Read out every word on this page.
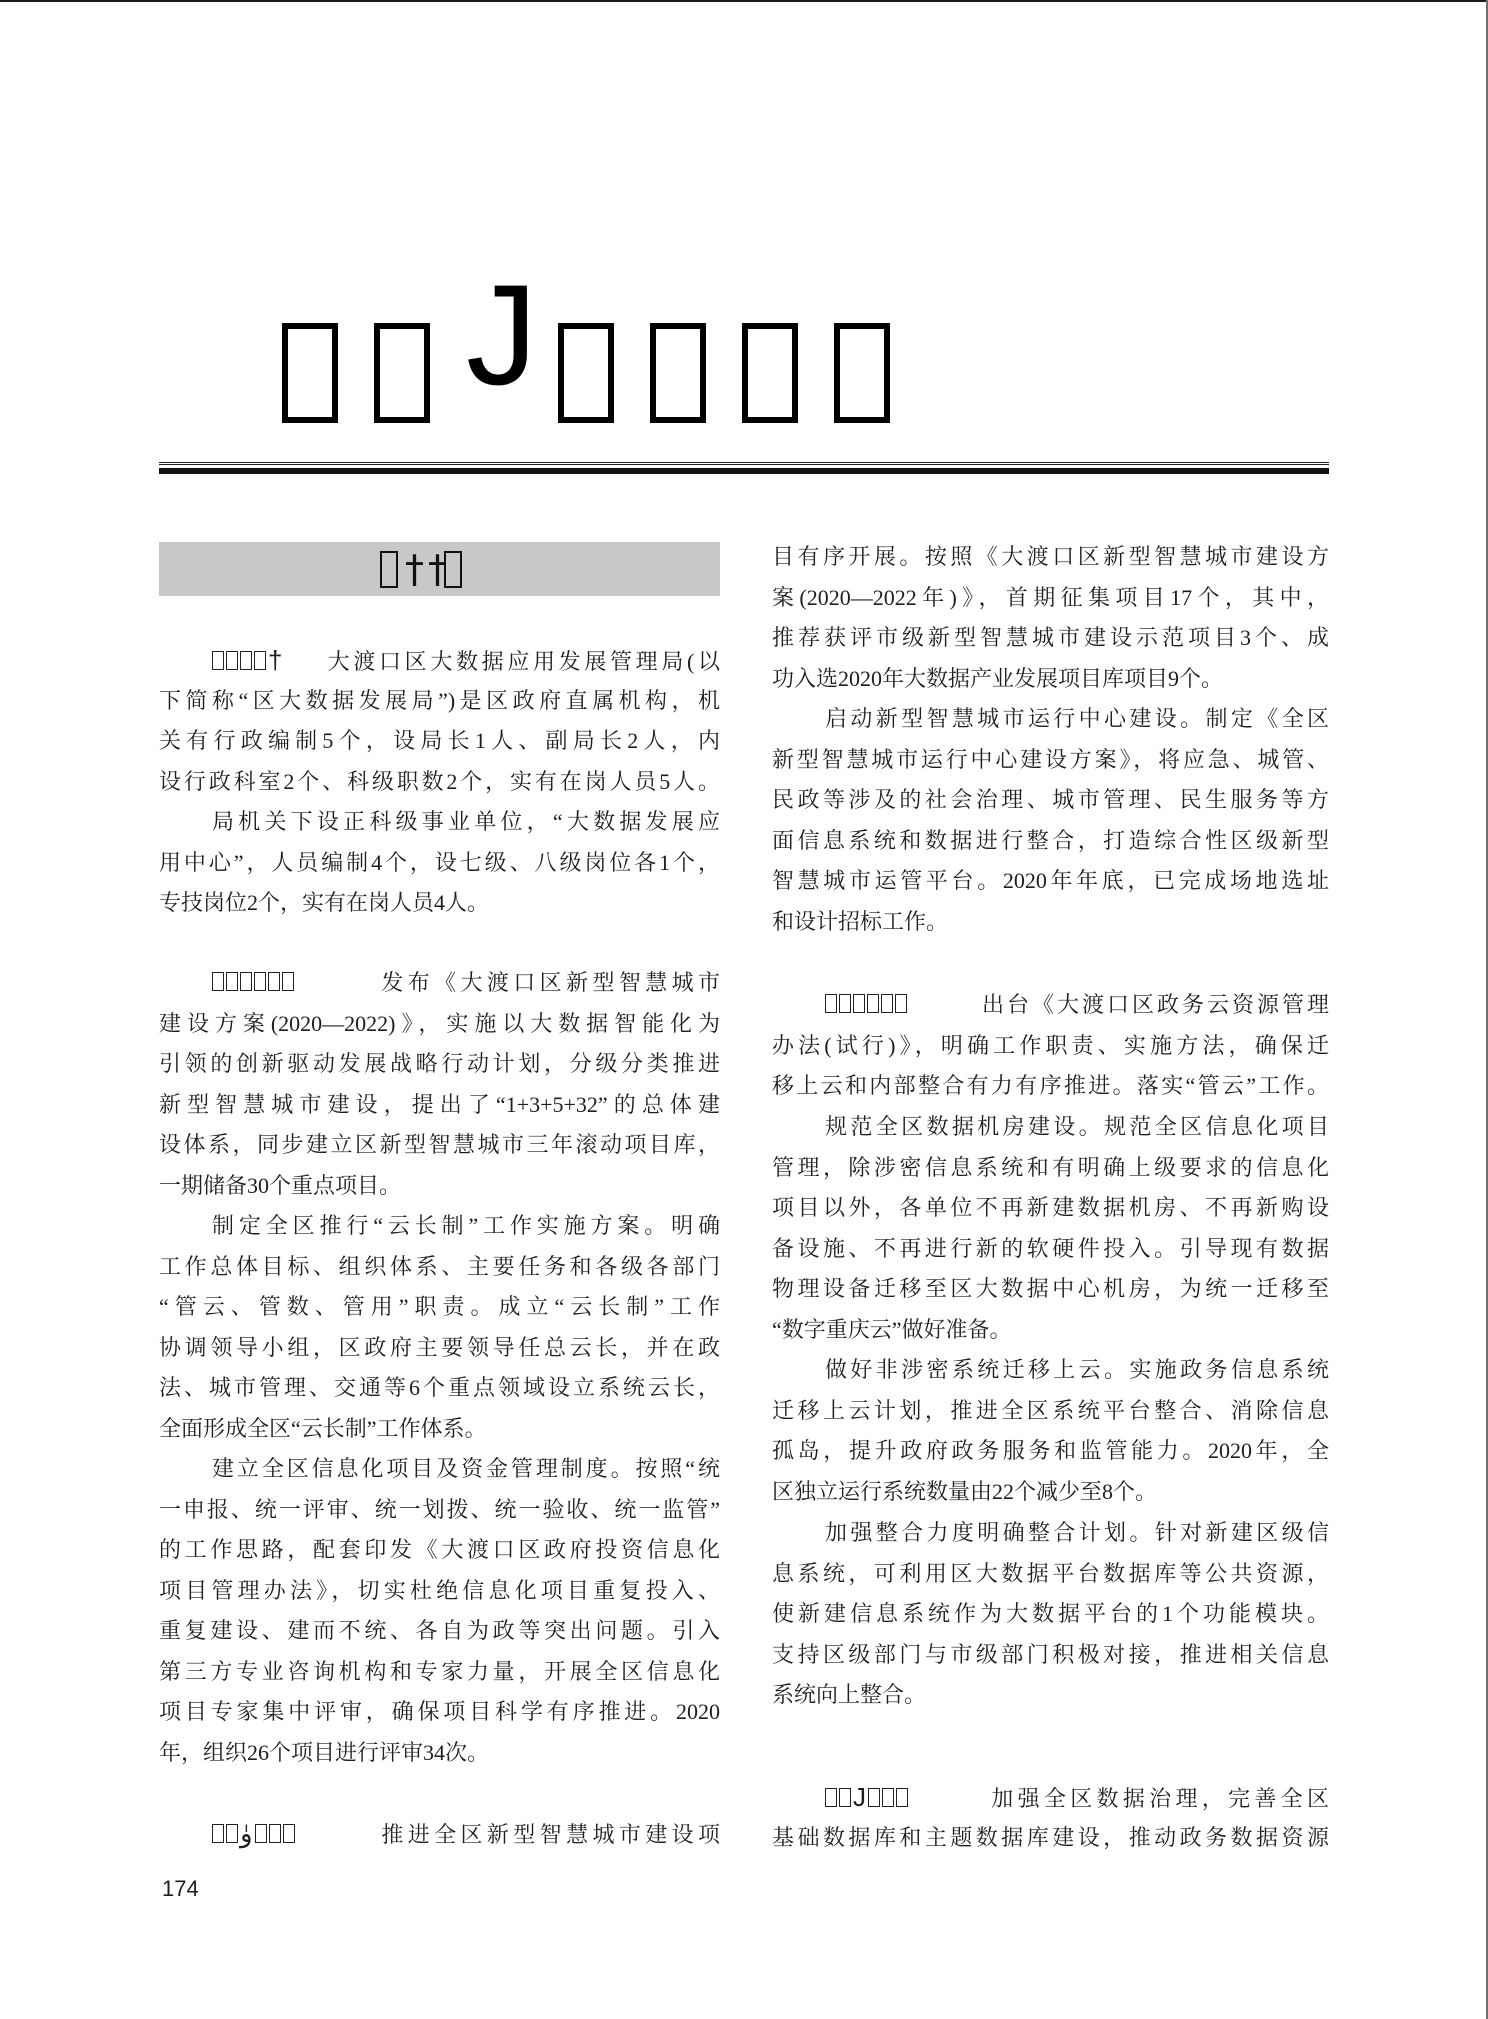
J
††
† 大渡口区大数据应用发展管理局(以
下简称“区大数据发展局”)是区政府直属机构，机
关有行政编制5个，设局长1人、副局长2人，内
设行政科室2个、科级职数2个，实有在岗人员5人。
局机关下设正科级事业单位，“大数据发展应
用中心”，人员编制4个，设七级、八级岗位各1个，
专技岗位2个，实有在岗人员4人。
发布《大渡口区新型智慧城市
建设方案(2020—2022)》，实施以大数据智能化为
引领的创新驱动发展战略行动计划，分级分类推进
新型智慧城市建设，提出了“1+3+5+32”的总体建
设体系，同步建立区新型智慧城市三年滚动项目库，
一期储备30个重点项目。
制定全区推行“云长制”工作实施方案。明确
工作总体目标、组织体系、主要任务和各级各部门
“管云、管数、管用”职责。成立“云长制”工作
协调领导小组，区政府主要领导任总云长，并在政
法、城市管理、交通等6个重点领域设立系统云长，
全面形成全区“云长制”工作体系。
建立全区信息化项目及资金管理制度。按照“统
一申报、统一评审、统一划拨、统一验收、统一监管”
的工作思路，配套印发《大渡口区政府投资信息化
项目管理办法》，切实杜绝信息化项目重复投入、
重复建设、建而不统、各自为政等突出问题。引入
第三方专业咨询机构和专家力量，开展全区信息化
项目专家集中评审，确保项目科学有序推进。2020
年，组织26个项目进行评审34次。
وٰ	推进全区新型智慧城市建设项
目有序开展。按照《大渡口区新型智慧城市建设方
案(2020—2022年)》，首期征集项目17个，其中，
推荐获评市级新型智慧城市建设示范项目3个、成
功入选2020年大数据产业发展项目库项目9个。
启动新型智慧城市运行中心建设。制定《全区
新型智慧城市运行中心建设方案》，将应急、城管、
民政等涉及的社会治理、城市管理、民生服务等方
面信息系统和数据进行整合，打造综合性区级新型
智慧城市运管平台。2020年年底，已完成场地选址
和设计招标工作。
出台《大渡口区政务云资源管理
办法(试行)》，明确工作职责、实施方法，确保迁
移上云和内部整合有力有序推进。落实“管云”工作。
规范全区数据机房建设。规范全区信息化项目
管理，除涉密信息系统和有明确上级要求的信息化
项目以外，各单位不再新建数据机房、不再新购设
备设施、不再进行新的软硬件投入。引导现有数据
物理设备迁移至区大数据中心机房，为统一迁移至
“数字重庆云”做好准备。
做好非涉密系统迁移上云。实施政务信息系统
迁移上云计划，推进全区系统平台整合、消除信息
孤岛，提升政府政务服务和监管能力。2020年，全
区独立运行系统数量由22个减少至8个。
加强整合力度明确整合计划。针对新建区级信
息系统，可利用区大数据平台数据库等公共资源，
使新建信息系统作为大数据平台的1个功能模块。
支持区级部门与市级部门积极对接，推进相关信息
系统向上整合。
J	加强全区数据治理，完善全区
基础数据库和主题数据库建设，推动政务数据资源
174
